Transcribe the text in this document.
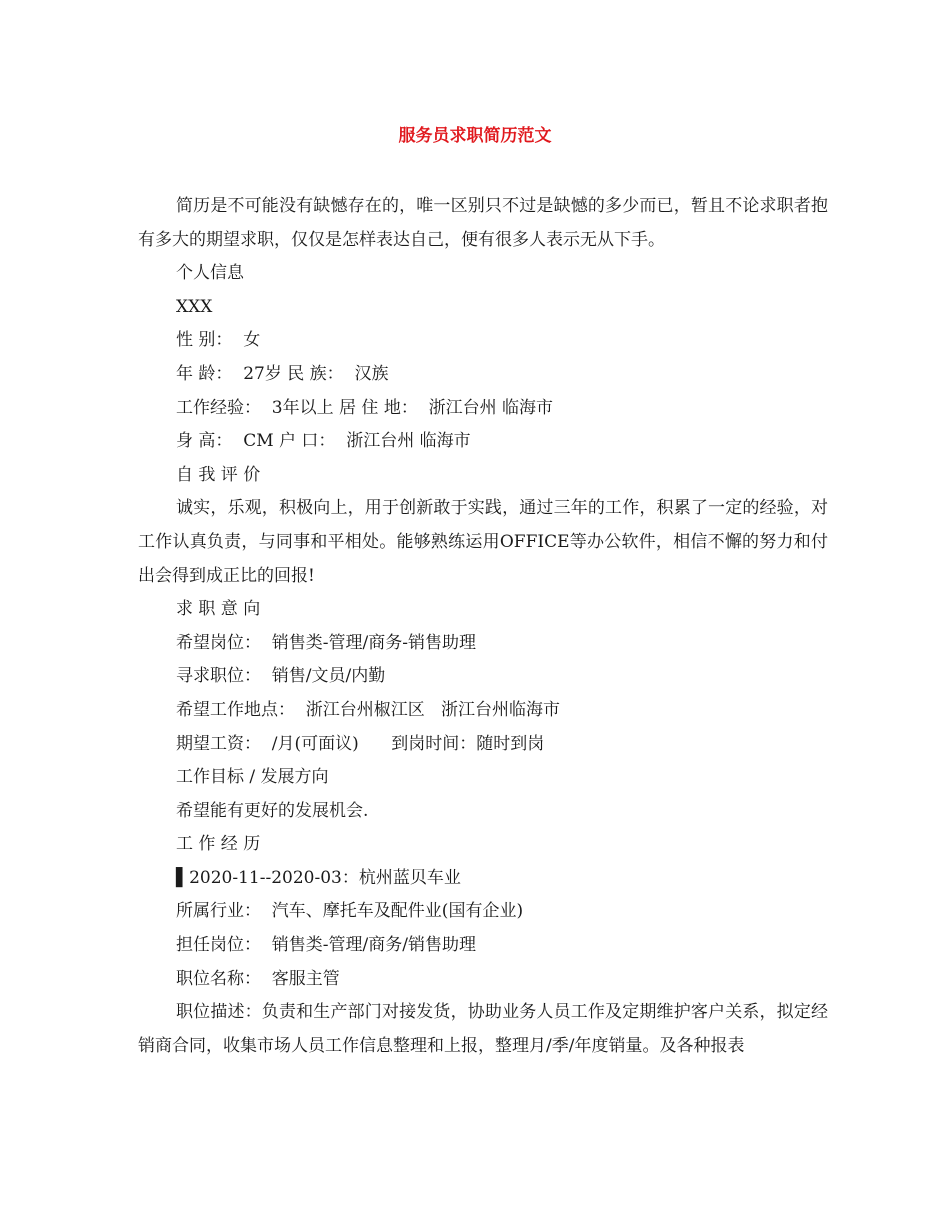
服务员求职简历范文

简历是不可能没有缺憾存在的，唯一区别只不过是缺憾的多少而已，暂且不论求职者抱有多大的期望求职，仅仅是怎样表达自己，便有很多人表示无从下手。

个人信息

XXX

性 别：  女

年 龄：  27岁 民 族：  汉族

工作经验：  3年以上 居 住 地：  浙江台州 临海市

身 高：  CM 户 口：  浙江台州 临海市

自 我 评 价

诚实，乐观，积极向上，用于创新敢于实践，通过三年的工作，积累了一定的经验，对工作认真负责，与同事和平相处。能够熟练运用OFFICE等办公软件，相信不懈的努力和付出会得到成正比的回报!

求 职 意 向

希望岗位：  销售类-管理/商务-销售助理

寻求职位：  销售/文员/内勤

希望工作地点：  浙江台州椒江区   浙江台州临海市

期望工资：  /月(可面议)      到岗时间：随时到岗

工作目标 / 发展方向

希望能有更好的发展机会.

工 作 经 历

▌2020-11--2020-03：杭州蓝贝车业

所属行业：  汽车、摩托车及配件业(国有企业)

担任岗位：  销售类-管理/商务/销售助理

职位名称：  客服主管

职位描述：负责和生产部门对接发货，协助业务人员工作及定期维护客户关系，拟定经销商合同，收集市场人员工作信息整理和上报，整理月/季/年度销量。及各种报表
